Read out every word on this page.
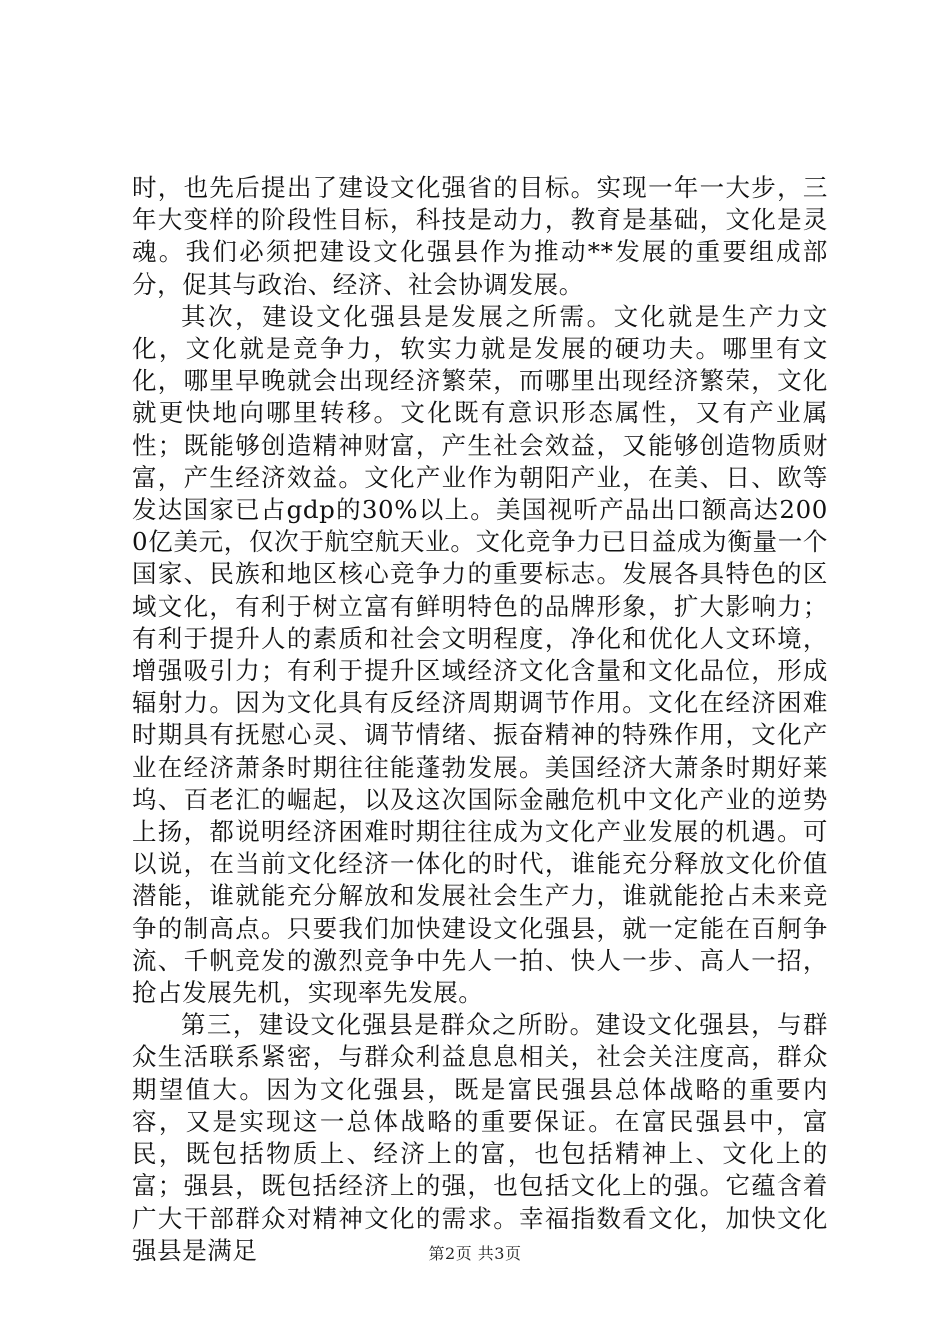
时，也先后提出了建设文化强省的目标。实现一年一大步，三年大变样的阶段性目标，科技是动力，教育是基础，文化是灵魂。我们必须把建设文化强县作为推动**发展的重要组成部分，促其与政治、经济、社会协调发展。

其次，建设文化强县是发展之所需。文化就是生产力文化，文化就是竞争力，软实力就是发展的硬功夫。哪里有文化，哪里早晚就会出现经济繁荣，而哪里出现经济繁荣，文化就更快地向哪里转移。文化既有意识形态属性，又有产业属性；既能够创造精神财富，产生社会效益，又能够创造物质财富，产生经济效益。文化产业作为朝阳产业，在美、日、欧等发达国家已占gdp的30%以上。美国视听产品出口额高达2000亿美元，仅次于航空航天业。文化竞争力已日益成为衡量一个国家、民族和地区核心竞争力的重要标志。发展各具特色的区域文化，有利于树立富有鲜明特色的品牌形象，扩大影响力；有利于提升人的素质和社会文明程度，净化和优化人文环境，增强吸引力；有利于提升区域经济文化含量和文化品位，形成辐射力。因为文化具有反经济周期调节作用。文化在经济困难时期具有抚慰心灵、调节情绪、振奋精神的特殊作用，文化产业在经济萧条时期往往能蓬勃发展。美国经济大萧条时期好莱坞、百老汇的崛起，以及这次国际金融危机中文化产业的逆势上扬，都说明经济困难时期往往成为文化产业发展的机遇。可以说，在当前文化经济一体化的时代，谁能充分释放文化价值潜能，谁就能充分解放和发展社会生产力，谁就能抢占未来竞争的制高点。只要我们加快建设文化强县，就一定能在百舸争流、千帆竞发的激烈竞争中先人一拍、快人一步、高人一招，抢占发展先机，实现率先发展。

第三，建设文化强县是群众之所盼。建设文化强县，与群众生活联系紧密，与群众利益息息相关，社会关注度高，群众期望值大。因为文化强县，既是富民强县总体战略的重要内容，又是实现这一总体战略的重要保证。在富民强县中，富民，既包括物质上、经济上的富，也包括精神上、文化上的富；强县，既包括经济上的强，也包括文化上的强。它蕴含着广大干部群众对精神文化的需求。幸福指数看文化，加快文化强县是满足	第2页 共3页
